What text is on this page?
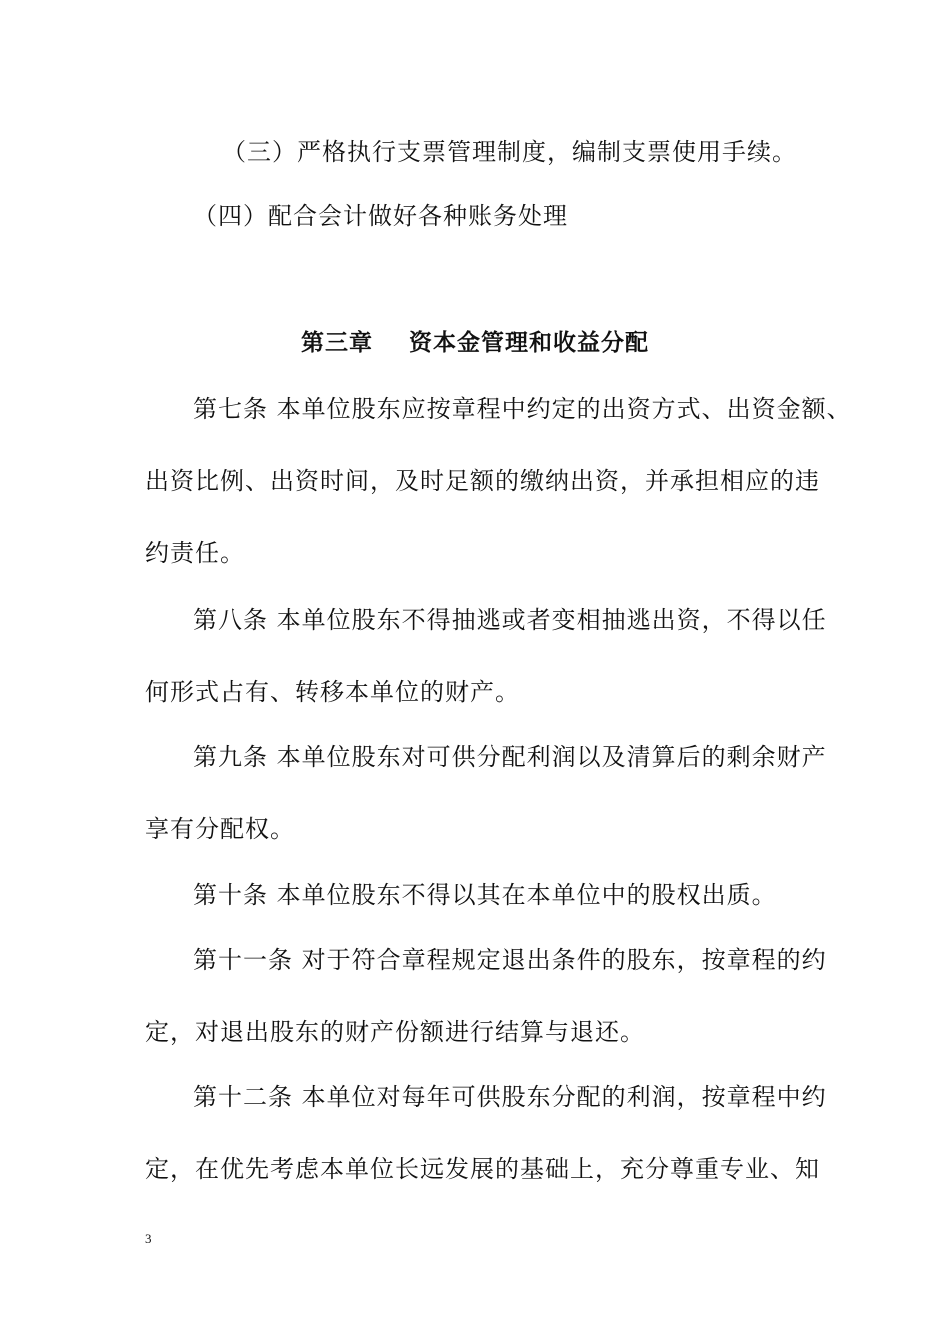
（三）严格执行支票管理制度，编制支票使用手续。
（四）配合会计做好各种账务处理
第三章 资本金管理和收益分配
第七条 本单位股东应按章程中约定的出资方式、出资金额、
出资比例、出资时间，及时足额的缴纳出资，并承担相应的违
约责任。
第八条 本单位股东不得抽逃或者变相抽逃出资，不得以任
何形式占有、转移本单位的财产。
第九条 本单位股东对可供分配利润以及清算后的剩余财产
享有分配权。
第十条 本单位股东不得以其在本单位中的股权出质。
第十一条 对于符合章程规定退出条件的股东，按章程的约
定，对退出股东的财产份额进行结算与退还。
第十二条 本单位对每年可供股东分配的利润，按章程中约
定，在优先考虑本单位长远发展的基础上，充分尊重专业、知
3
